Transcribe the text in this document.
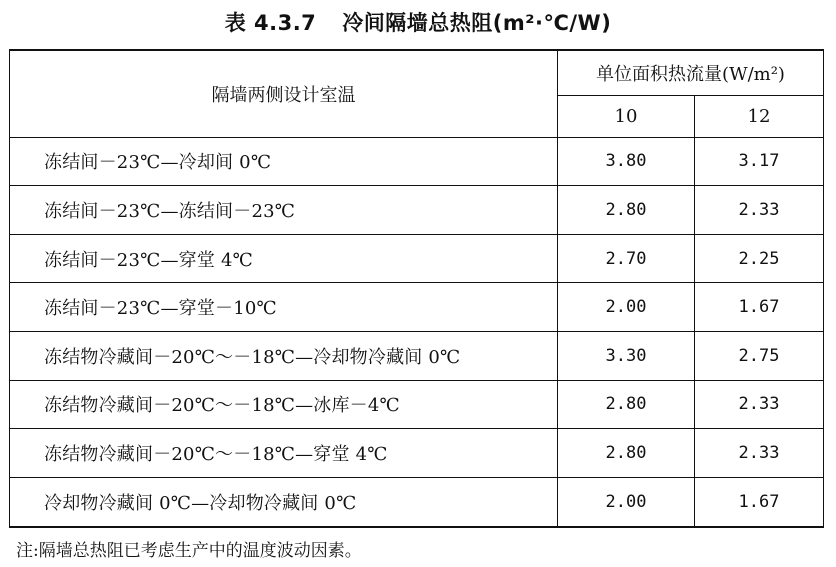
表 4.3.7 冷间隔墙总热阻(m²·℃/W)
隔墙两侧设计室温	单位面积热流量(W/m²)	
	10	12
冻结间－23℃—冷却间 0℃	3.80	3.17
冻结间－23℃—冻结间－23℃	2.80	2.33
冻结间－23℃—穿堂 4℃	2.70	2.25
冻结间－23℃—穿堂－10℃	2.00	1.67
冻结物冷藏间－20℃～－18℃—冷却物冷藏间 0℃	3.30	2.75
冻结物冷藏间－20℃～－18℃—冰库－4℃	2.80	2.33
冻结物冷藏间－20℃～－18℃—穿堂 4℃	2.80	2.33
冷却物冷藏间 0℃—冷却物冷藏间 0℃	2.00	1.67
注:隔墙总热阻已考虑生产中的温度波动因素。
